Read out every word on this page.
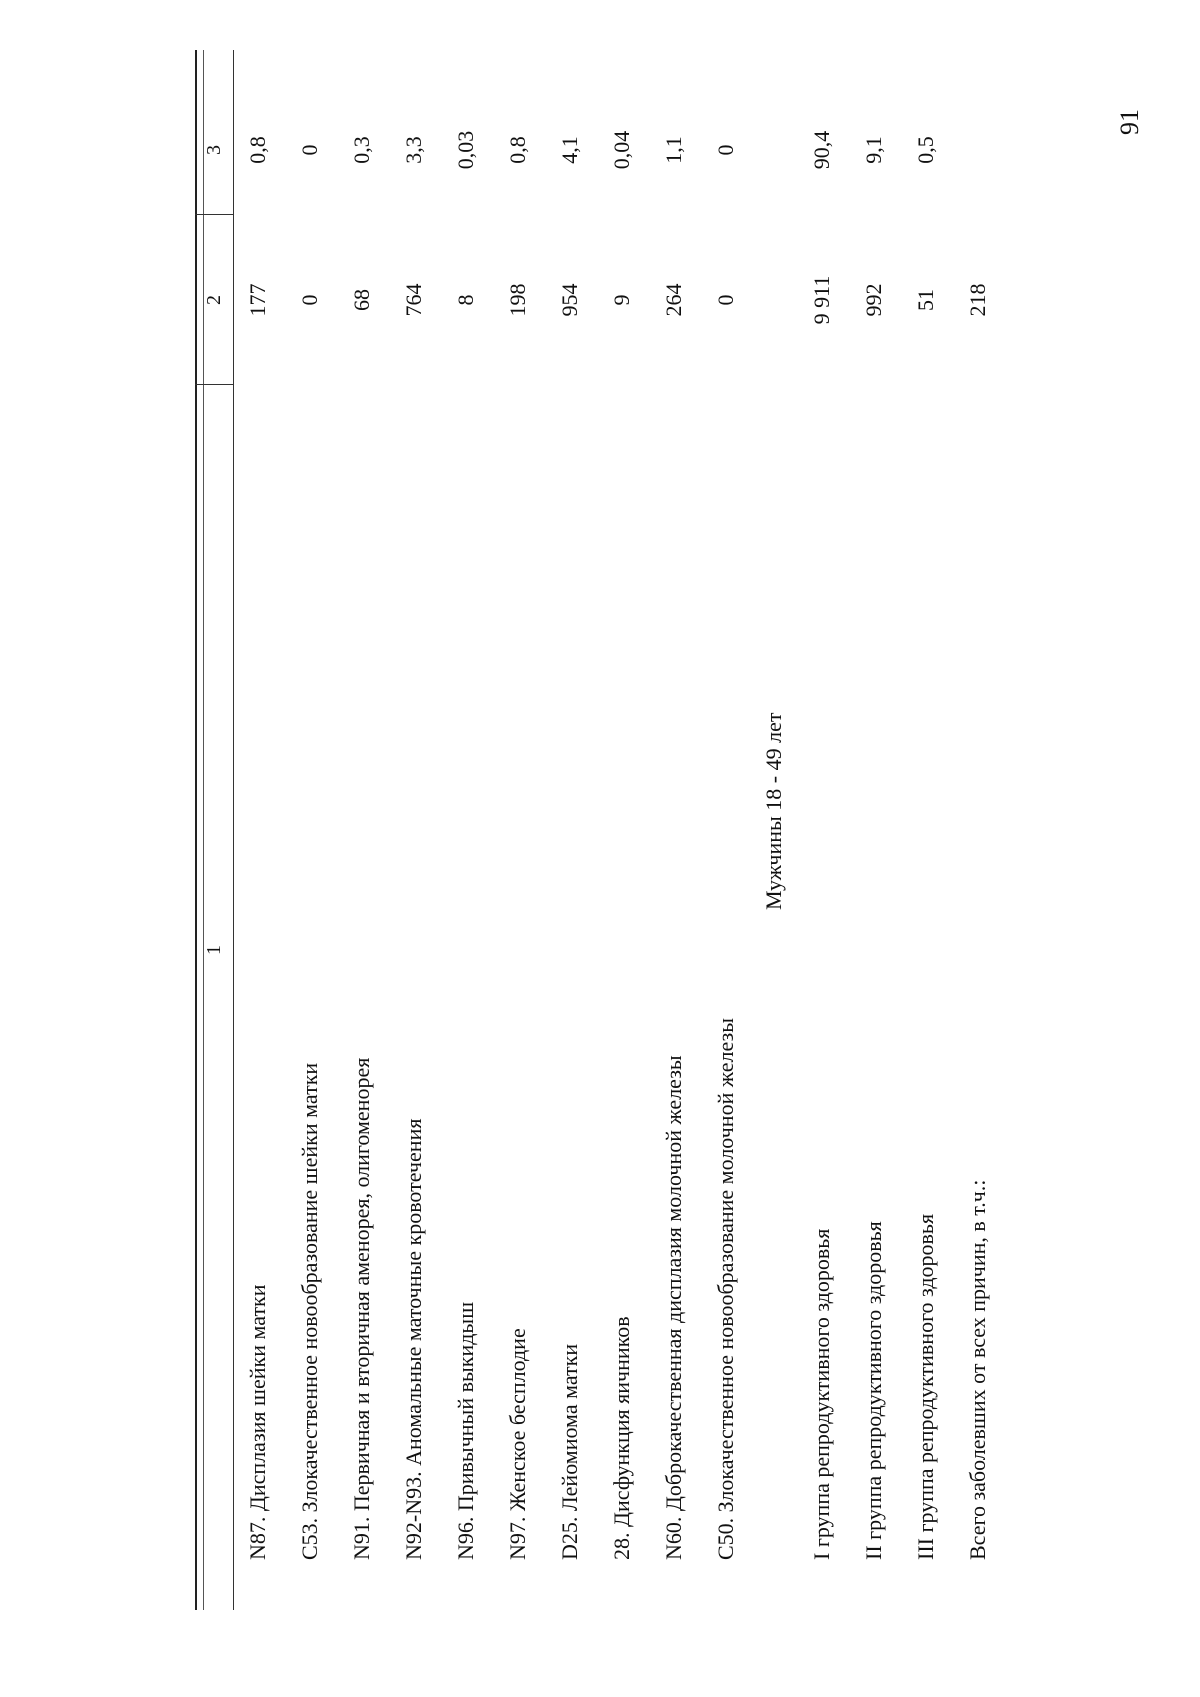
91
1
2
3
N87. Дисплазия шейки матки
177
0,8
C53. Злокачественное новообразование шейки матки
0
0
N91. Первичная и вторичная аменорея, олигоменорея
68
0,3
N92-N93. Аномальные маточные кровотечения
764
3,3
N96. Привычный выкидыш
8
0,03
N97. Женское бесплодие
198
0,8
D25. Лейомиома матки
954
4,1
28. Дисфункция яичников
9
0,04
N60. Доброкачественная дисплазия молочной железы
264
1,1
C50. Злокачественное новообразование молочной железы
0
0
Мужчины 18 - 49 лет
I группа репродуктивного здоровья
9 911
90,4
II группа репродуктивного здоровья
992
9,1
III группа репродуктивного здоровья
51
0,5
Всего заболевших от всех причин, в т.ч.:
218
